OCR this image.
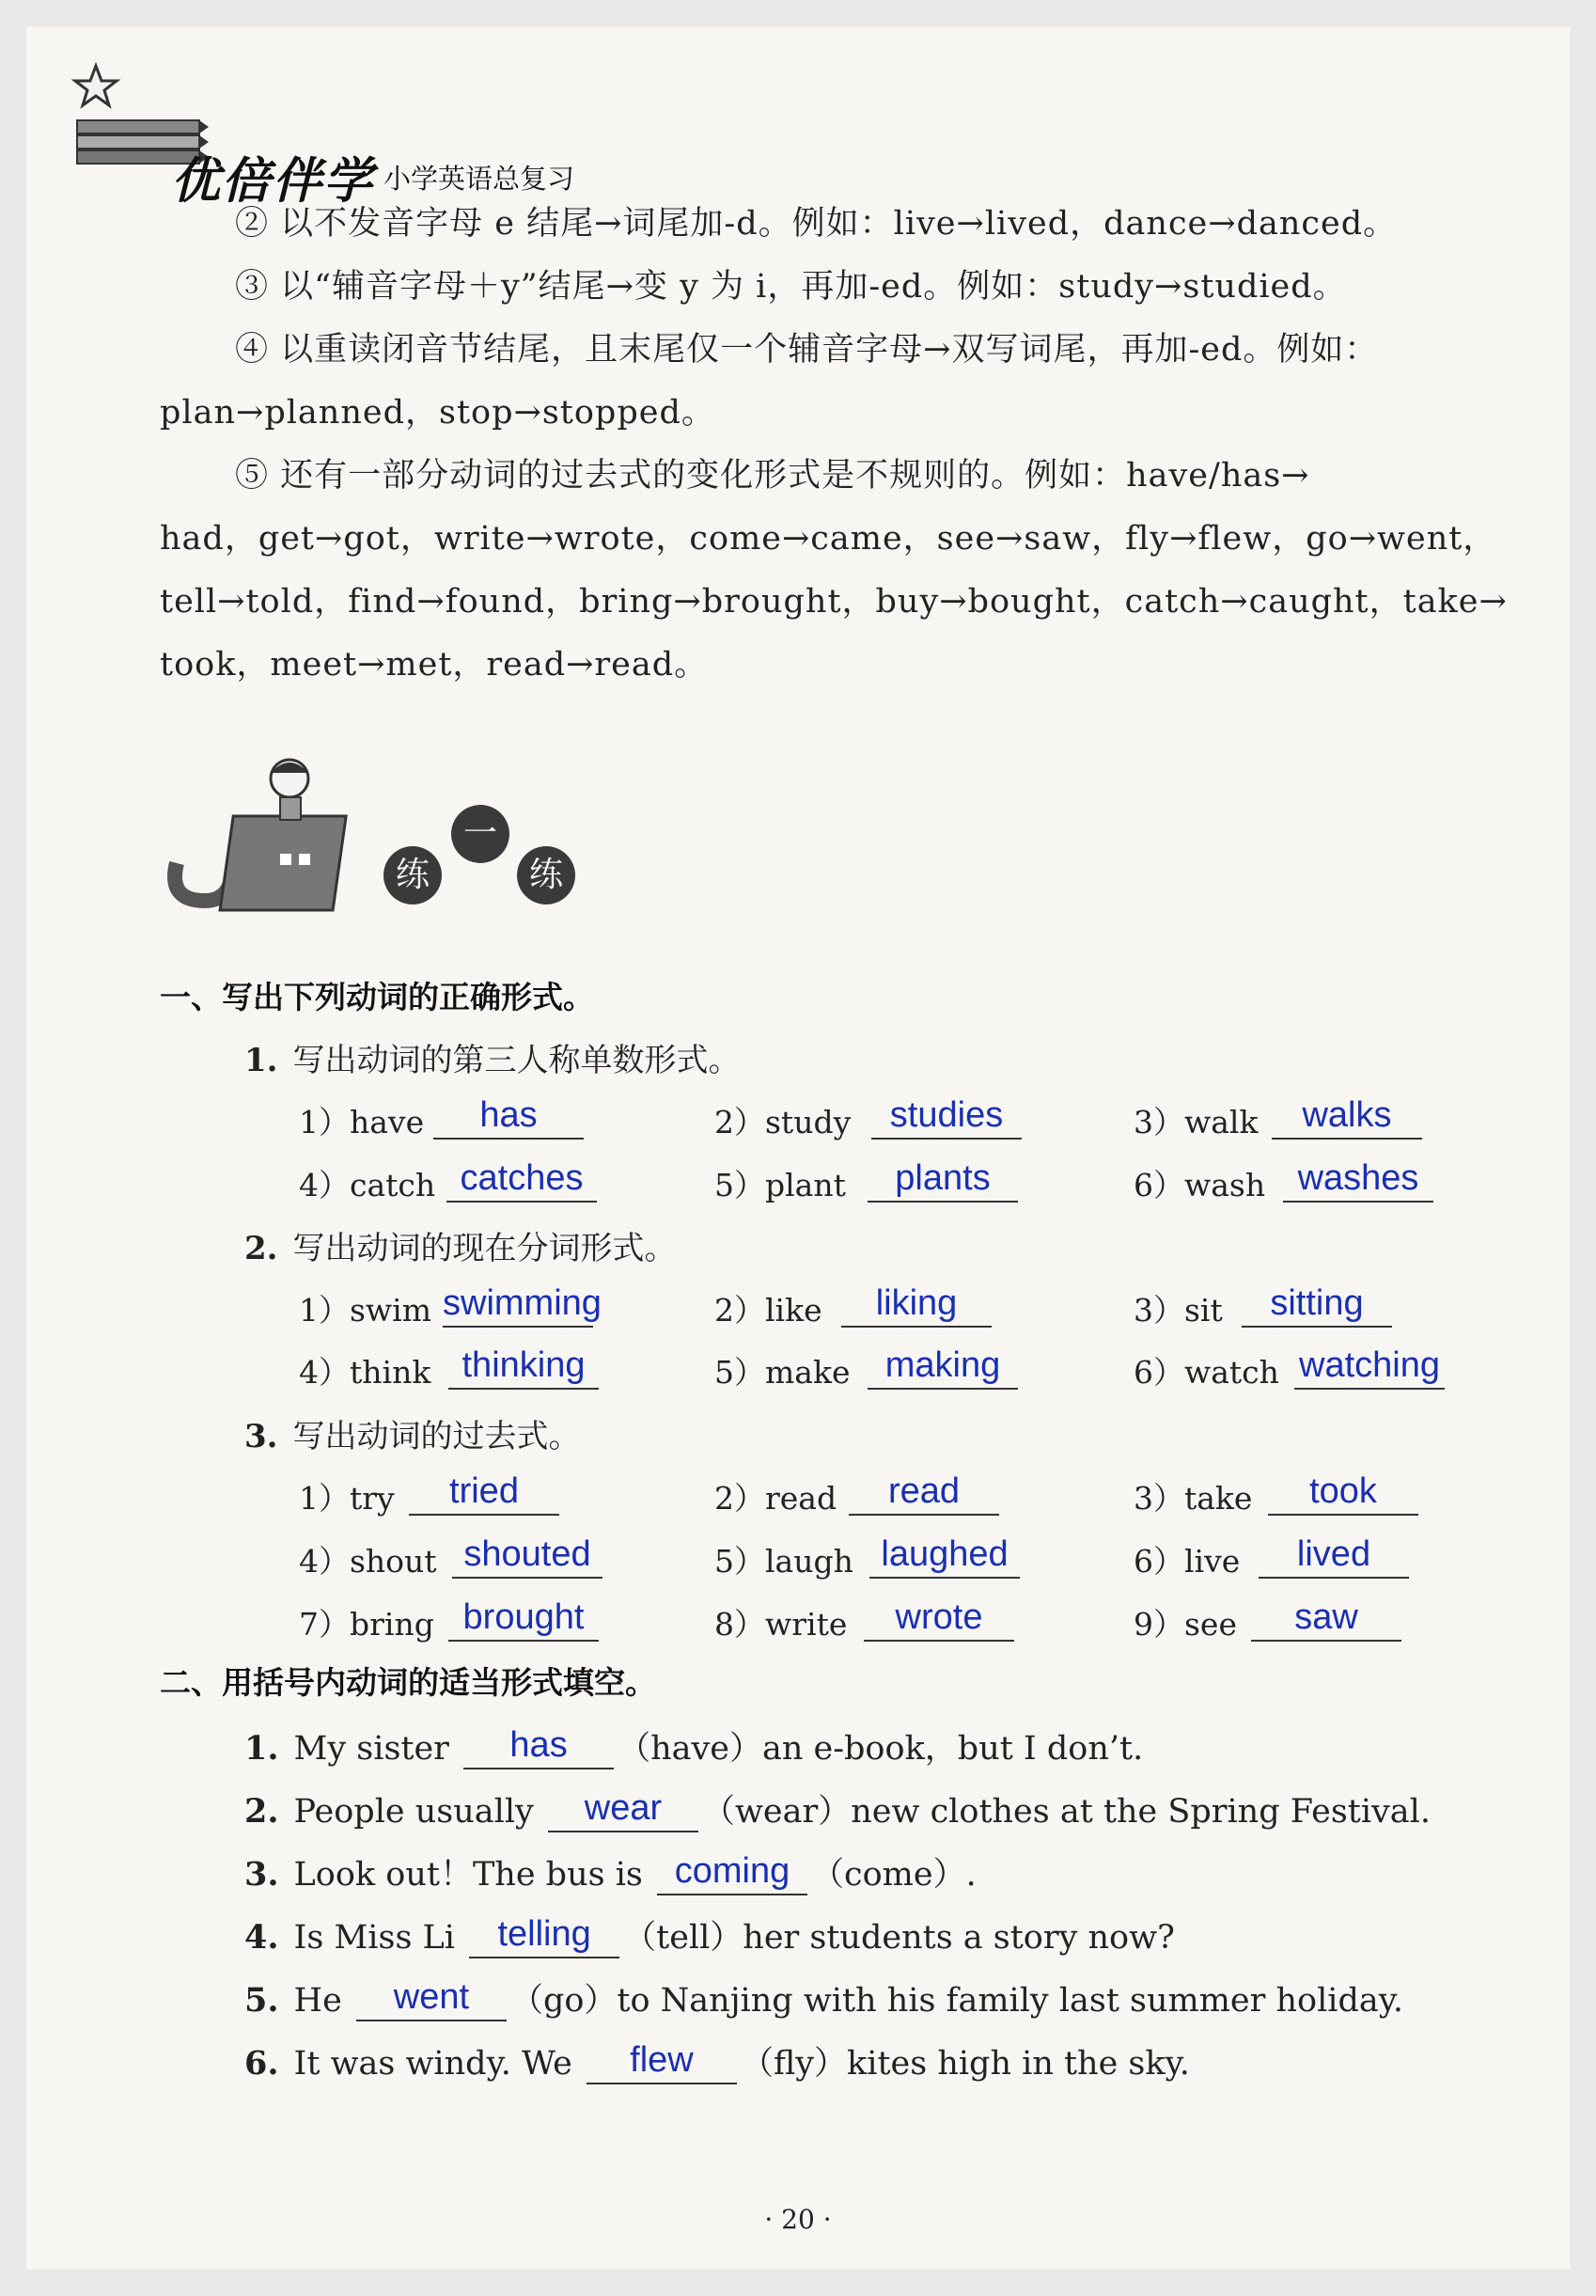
优倍伴学 小学英语总复习
② 以不发音字母 e 结尾→词尾加-d。例如：live→lived，dance→danced。
③ 以“辅音字母＋y”结尾→变 y 为 i，再加-ed。例如：study→studied。
④ 以重读闭音节结尾，且末尾仅一个辅音字母→双写词尾，再加-ed。例如：
plan→planned，stop→stopped。
⑤ 还有一部分动词的过去式的变化形式是不规则的。例如：have/has→
had，get→got，write→wrote，come→came，see→saw，fly→flew，go→went，
tell→told，find→found，bring→brought，buy→bought，catch→caught，take→
took，meet→met，read→read。
练
一
练
一、写出下列动词的正确形式。
1. 写出动词的第三人称单数形式。
1）have	has	2）study	studies	3）walk	walks
4）catch catches	5）plant	plants	6）wash washes
2. 写出动词的现在分词形式。
1）swim swimming	2）like	liking	3）sit	sitting
4）think thinking	5）make making	6）watch watching
3. 写出动词的过去式。
1）try	tried	2）read	read	3）take	took
4）shout shouted	5）laugh laughed	6）live	lived
7）bring brought	8）write	wrote	9）see	saw
二、用括号内动词的适当形式填空。
1. My sister	has	（have）an e-book，but I don’t.
2. People usually	wear	（wear）new clothes at the Spring Festival.
3. Look out！The bus is coming （come）.
4. Is Miss Li	telling （tell）her students a story now?
5. He	went	（go）to Nanjing with his family last summer holiday.
6. It was windy. We	flew	（fly）kites high in the sky.
· 20 ·
